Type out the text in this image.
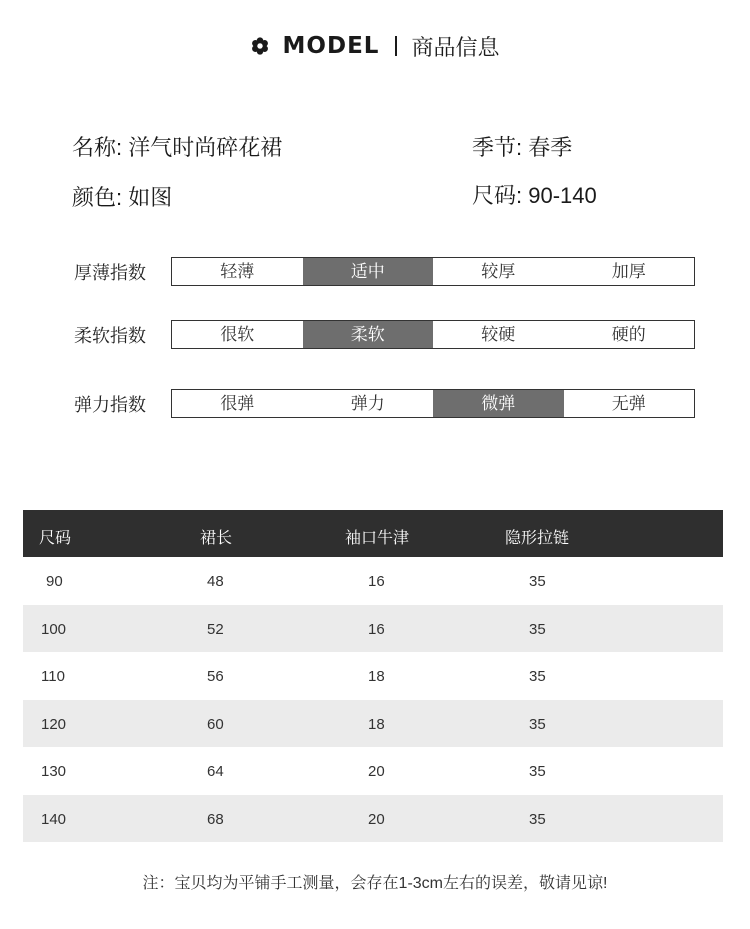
MODEL 商品信息
名称: 洋气时尚碎花裙	季节: 春季
颜色: 如图	尺码: 90-140
厚薄指数	轻薄	适中	较厚	加厚
柔软指数	很软	柔软	较硬	硬的
弹力指数	很弹	弹力	微弹	无弹
尺码	裙长	袖口牛津	隐形拉链
90	48	16	35
100	52	16	35
110	56	18	35
120	60	18	35
130	64	20	35
140	68	20	35
注：宝贝均为平铺手工测量，会存在1-3cm左右的误差，敬请见谅!
